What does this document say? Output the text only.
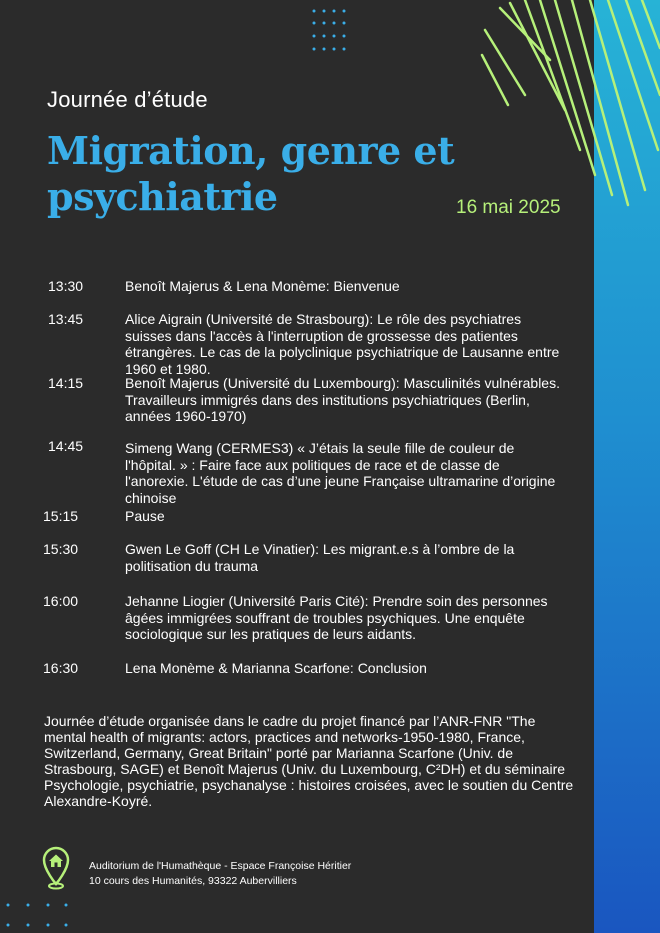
Journée d’étude
Migration, genre et psychiatrie	16 mai 2025
13:30	Benoît Majerus & Lena Monème: Bienvenue
13:45	Alice Aigrain (Université de Strasbourg): Le rôle des psychiatres suisses dans l'accès à l'interruption de grossesse des patientes étrangères. Le cas de la polyclinique psychiatrique de Lausanne entre 1960 et 1980.
14:15	Benoît Majerus (Université du Luxembourg): Masculinités vulnérables. Travailleurs immigrés dans des institutions psychiatriques (Berlin, années 1960-1970)
14:45	Simeng Wang (CERMES3) « J’étais la seule fille de couleur de l'hôpital. » : Faire face aux politiques de race et de classe de l'anorexie. L'étude de cas d’une jeune Française ultramarine d’origine chinoise
15:15	Pause
15:30	Gwen Le Goff (CH Le Vinatier): Les migrant.e.s à l’ombre de la politisation du trauma
16:00	Jehanne Liogier (Université Paris Cité): Prendre soin des personnes âgées immigrées souffrant de troubles psychiques. Une enquête sociologique sur les pratiques de leurs aidants.
16:30	Lena Monème & Marianna Scarfone: Conclusion

Journée d’étude organisée dans le cadre du projet financé par l’ANR-FNR "The mental health of migrants: actors, practices and networks-1950-1980, France, Switzerland, Germany, Great Britain" porté par Marianna Scarfone (Univ. de Strasbourg, SAGE) et Benoît Majerus (Univ. du Luxembourg, C²DH) et du séminaire Psychologie, psychiatrie, psychanalyse : histoires croisées, avec le soutien du Centre Alexandre-Koyré.

Auditorium de l'Humathèque - Espace Françoise Héritier
10 cours des Humanités, 93322 Aubervilliers
